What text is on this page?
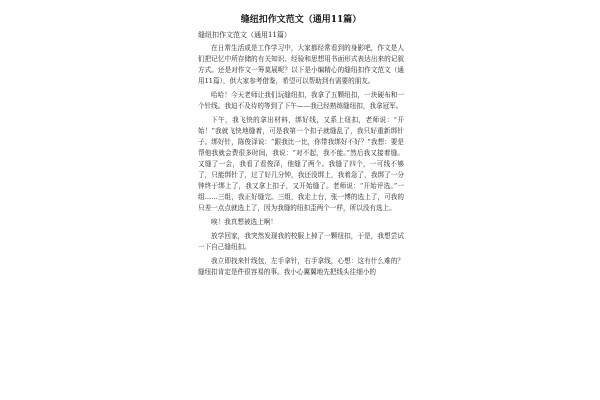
缝纽扣作文范文（通用11篇）
缝纽扣作文范文（通用11篇）

在日常生活或是工作学习中，大家都经常看到的身影吧，作文是人们把记忆中所存储的有关知识、经验和思想用书面形式表达出来的记叙方式。还是对作文一筹莫展呢？以下是小编精心的缝纽扣作文范文（通用11篇），供大家参考借鉴，希望可以帮助到有需要的朋友。

哈哈！今天老师让我们玩缝纽扣，我拿了五颗纽扣，一块硬布和一个针线。我迫不及待的等到了下午——我已经熟练缝纽扣，我拿冠军。

下午，我飞快的拿出材料，绑好线，又系上纽扣，老师说：“开始！”我就飞快地缝着，可是我第一个扣子就缝乱了，我只好重新绑针子。绑好针，陈俊泽说：“跟我比一比，你带我绑好不好？”我想：要是帮他我就会费很多时间，我说：“对不起，我不能。”然后我又接着缝。又缝了一会，我看了看俊泽，他缝了两个。我缝了四个，一可线不够了，只能绑针了，过了好几分钟，我还没绑上，我着急了，我绑了一分钟终于绑上了，我又拿上扣子，又开始缝了。老师说：“开始评选。”一组……三组，我正好缝完。三组，我走上台，张一博的选上了，可我的只差一点点就选上了，因为我缝的纽扣歪两个一样，所以没有选上。

唉！我真想被选上啊！

放学回家，我突然发现我的校服上掉了一颗纽扣，于是，我想尝试一下自己缝纽扣。

我立即找来针线包，左手拿针，右手拿线，心想：这有什么难的？缝纽扣肯定是件很容易的事。我小心翼翼地先把线头往细小的
